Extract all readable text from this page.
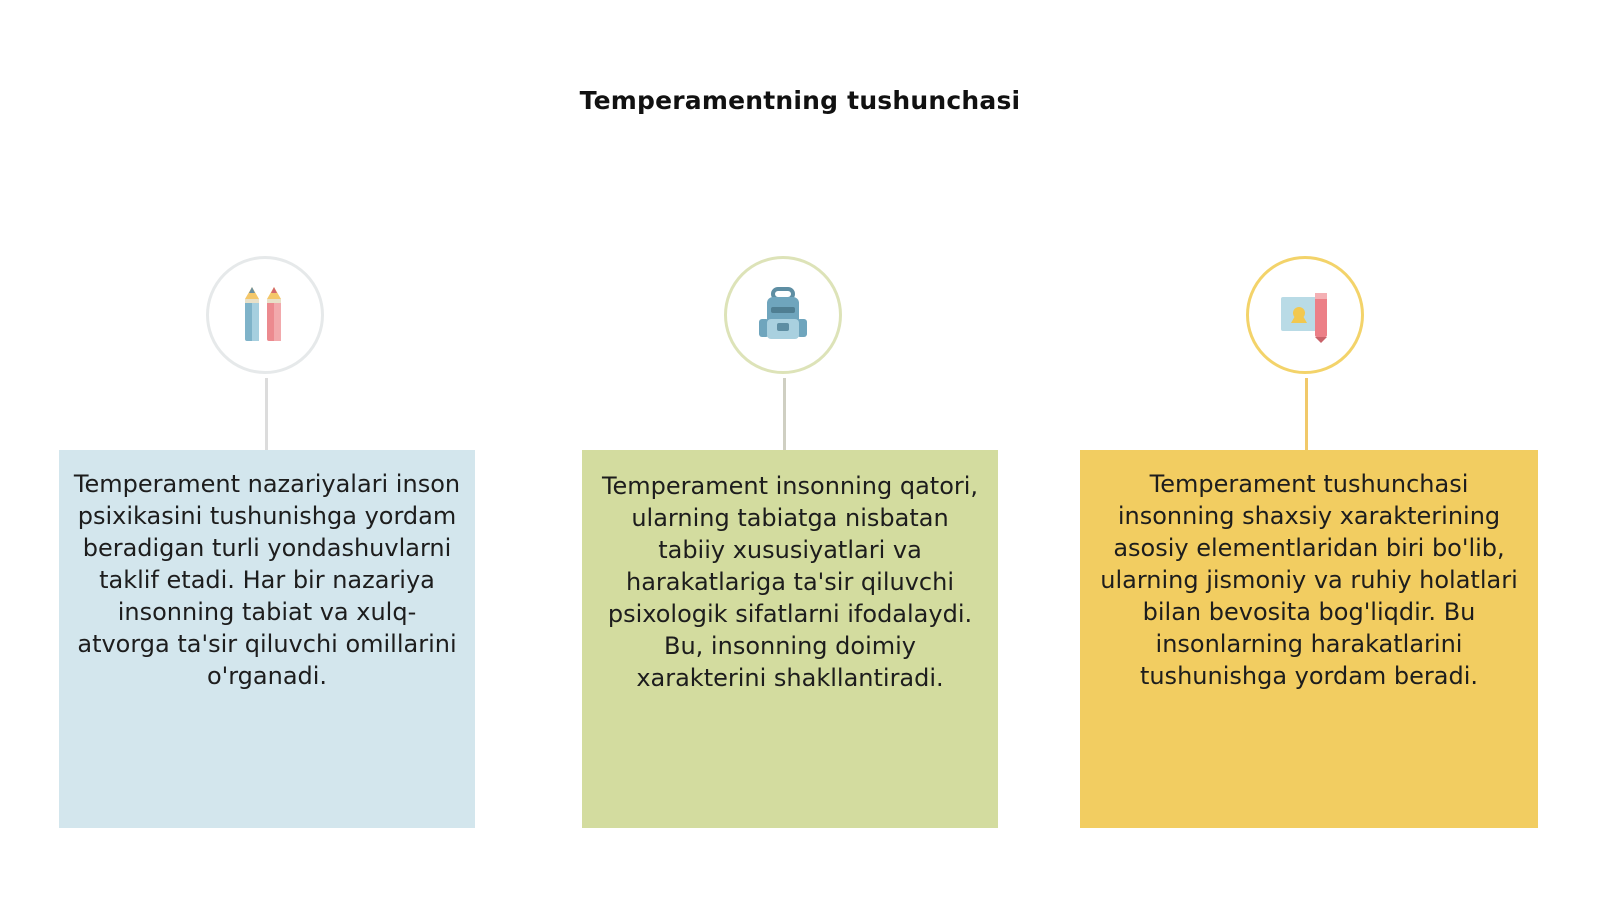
Temperamentning tushunchasi
Temperament nazariyalari inson psixikasini tushunishga yordam beradigan turli yondashuvlarni taklif etadi. Har bir nazariya insonning tabiat va xulq-atvorga ta'sir qiluvchi omillarini o'rganadi.
Temperament insonning qatori, ularning tabiatga nisbatan tabiiy xususiyatlari va harakatlariga ta'sir qiluvchi psixologik sifatlarni ifodalaydi. Bu, insonning doimiy xarakterini shakllantiradi.
Temperament tushunchasi insonning shaxsiy xarakterining asosiy elementlaridan biri bo'lib, ularning jismoniy va ruhiy holatlari bilan bevosita bog'liqdir. Bu insonlarning harakatlarini tushunishga yordam beradi.
